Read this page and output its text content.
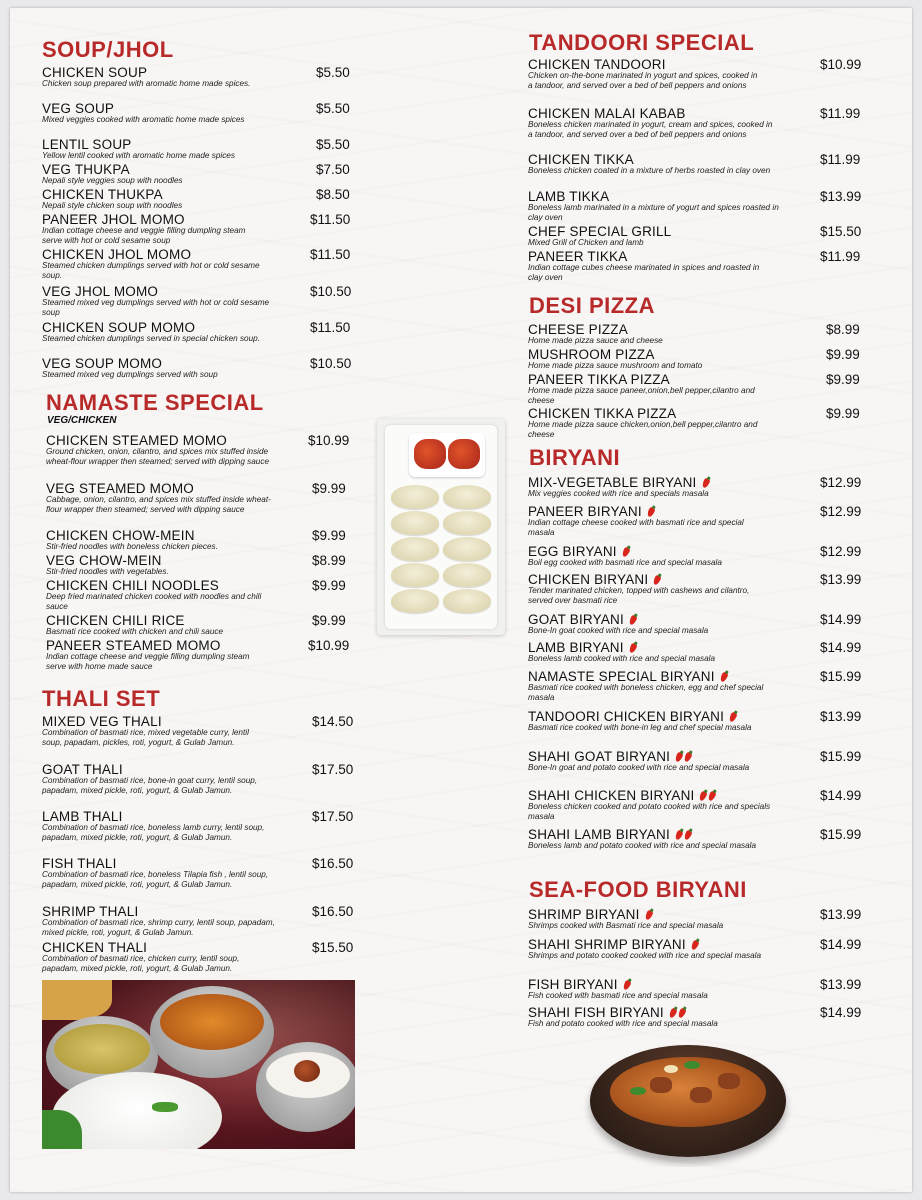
SOUP/JHOL
CHICKEN SOUP	$5.50
Chicken soup prepared with aromatic home made spices.
VEG SOUP	$5.50
Mixed veggies cooked with aromatic home made spices
LENTIL SOUP	$5.50
Yellow lentil cooked with aromatic home made spices
VEG THUKPA	$7.50
Nepali style veggies soup with noodles
CHICKEN THUKPA	$8.50
Nepali style chicken soup with noodles
PANEER JHOL MOMO	$11.50
Indian cottage cheese and veggie filling dumpling steam serve with hot or cold sesame soup
CHICKEN JHOL MOMO	$11.50
Steamed chicken dumplings served with hot or cold sesame soup.
VEG JHOL MOMO	$10.50
Steamed mixed veg dumplings served with hot or cold sesame soup
CHICKEN SOUP MOMO	$11.50
Steamed chicken dumplings served in special chicken soup.
VEG SOUP MOMO	$10.50
Steamed mixed veg dumplings served with soup
NAMASTE SPECIAL
VEG/CHICKEN
CHICKEN STEAMED MOMO	$10.99
Ground chicken, onion, cilantro, and spices mix stuffed inside wheat-flour wrapper then steamed; served with dipping sauce
VEG STEAMED MOMO	$9.99
Cabbage, onion, cilantro, and spices mix stuffed inside wheat-flour wrapper then steamed; served with dipping sauce
CHICKEN CHOW-MEIN	$9.99
Stir-fried noodles with boneless chicken pieces.
VEG CHOW-MEIN	$8.99
Stir-fried noodles with vegetables.
CHICKEN CHILI NOODLES	$9.99
Deep fried marinated chicken cooked with noodles and chili sauce
CHICKEN CHILI RICE	$9.99
Basmati rice cooked with chicken and chili sauce
PANEER STEAMED MOMO	$10.99
Indian cottage cheese and veggie filling dumpling steam serve with home made sauce
THALI SET
MIXED VEG THALI	$14.50
Combination of basmati rice, mixed vegetable curry, lentil soup, papadam, pickles, roti, yogurt, & Gulab Jamun.
GOAT THALI	$17.50
Combination of basmati rice, bone-in goat curry, lentil soup, papadam, mixed pickle, roti, yogurt, & Gulab Jamun.
LAMB THALI	$17.50
Combination of basmati rice, boneless lamb curry, lentil soup, papadam, mixed pickle, roti, yogurt, & Gulab Jamun.
FISH THALI	$16.50
Combination of basmati rice, boneless Tilapia fish , lentil soup, papadam, mixed pickle, roti, yogurt, & Gulab Jamun.
SHRIMP THALI	$16.50
Combination of basmati rice, shrimp curry, lentil soup, papadam, mixed pickle, roti, yogurt, & Gulab Jamun.
CHICKEN THALI	$15.50
Combination of basmati rice, chicken curry, lentil soup, papadam, mixed pickle, roti, yogurt, & Gulab Jamun.
TANDOORI SPECIAL
CHICKEN TANDOORI	$10.99
Chicken on-the-bone marinated in yogurt and spices, cooked in a tandoor, and served over a bed of bell peppers and onions
CHICKEN MALAI KABAB	$11.99
Boneless chicken marinated in yogurt, cream and spices, cooked in a tandoor, and served over a bed of bell peppers and onions
CHICKEN TIKKA	$11.99
Boneless chicken coated in a mixture of herbs roasted in clay oven
LAMB TIKKA	$13.99
Boneless lamb marinated in a mixture of yogurt and spices roasted in clay oven
CHEF SPECIAL GRILL	$15.50
Mixed Grill of Chicken and lamb
PANEER TIKKA	$11.99
Indian cottage cubes cheese marinated in spices and roasted in clay oven
DESI PIZZA
CHEESE PIZZA	$8.99
Home made pizza sauce and cheese
MUSHROOM PIZZA	$9.99
Home made pizza sauce mushroom and tomato
PANEER TIKKA PIZZA	$9.99
Home made pizza sauce paneer,onion,bell pepper,cilantro and cheese
CHICKEN TIKKA PIZZA	$9.99
Home made pizza sauce chicken,onion,bell pepper,cilantro and cheese
BIRYANI
MIX-VEGETABLE BIRYANI	$12.99
Mix veggies cooked with rice and specials masala
PANEER BIRYANI	$12.99
Indian cottage cheese cooked with basmati rice and special masala
EGG BIRYANI	$12.99
Boil egg cooked with basmati rice and special masala
CHICKEN BIRYANI	$13.99
Tender marinated chicken, topped with cashews and cilantro, served over basmati rice
GOAT BIRYANI	$14.99
Bone-In goat cooked with rice and special masala
LAMB BIRYANI	$14.99
Boneless lamb cooked with rice and special masala
NAMASTE SPECIAL BIRYANI	$15.99
Basmati rice cooked with boneless chicken, egg and chef special masala
TANDOORI CHICKEN BIRYANI	$13.99
Basmati rice cooked with bone-in leg and chef special masala
SHAHI GOAT BIRYANI	$15.99
Bone-In goat and potato cooked with rice and special masala
SHAHI CHICKEN BIRYANI	$14.99
Boneless chicken cooked and potato cooked with rice and specials masala
SHAHI LAMB BIRYANI	$15.99
Boneless lamb and potato cooked with rice and special masala
SEA-FOOD BIRYANI
SHRIMP BIRYANI	$13.99
Shrimps cooked with Basmati rice and special masala
SHAHI SHRIMP BIRYANI	$14.99
Shrimps and potato cooked cooked with rice and special masala
FISH BIRYANI	$13.99
Fish cooked with basmati rice and special masala
SHAHI FISH BIRYANI	$14.99
Fish and potato cooked with rice and special masala
